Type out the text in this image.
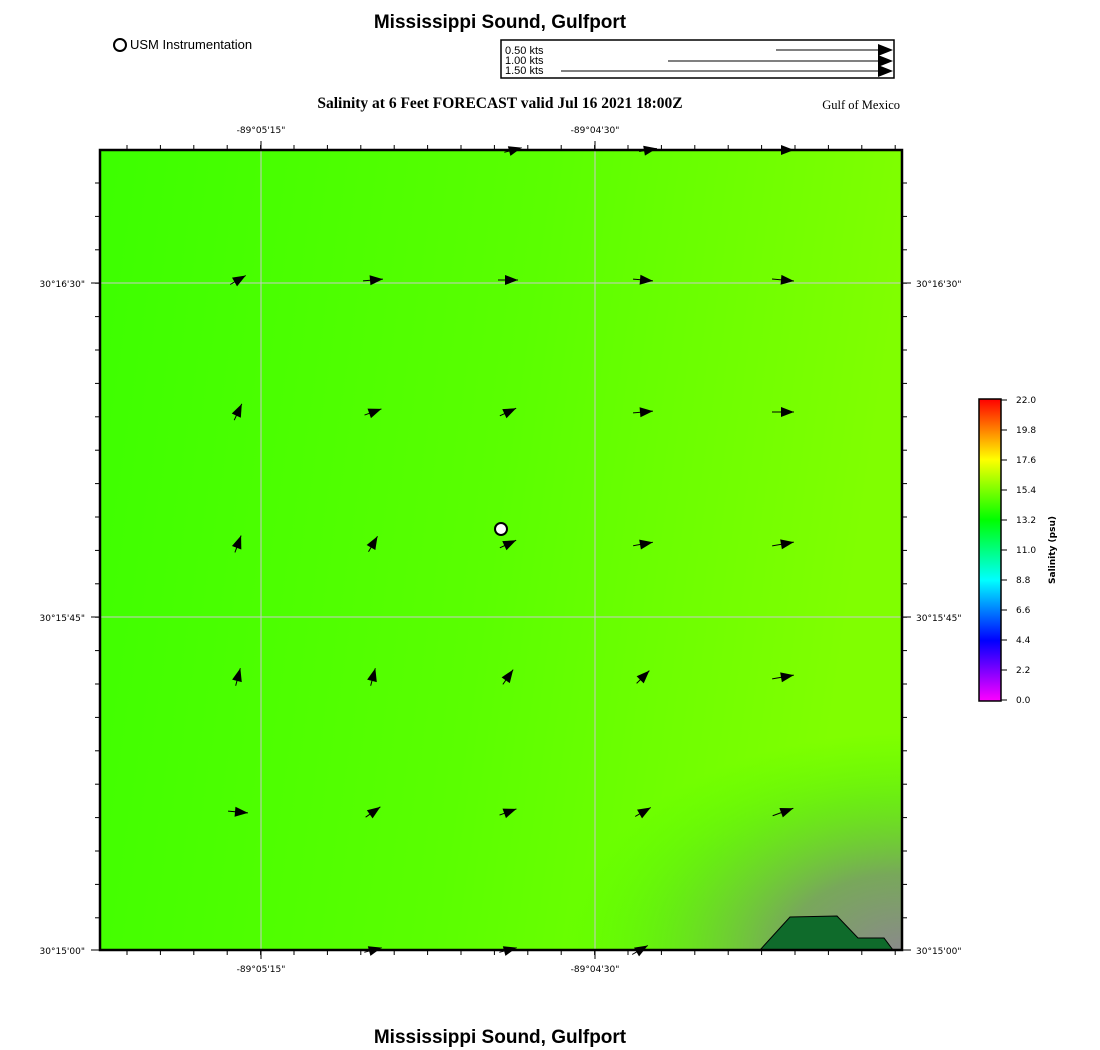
Mississippi Sound, Gulfport
USM Instrumentation
Salinity at 6 Feet FORECAST valid Jul 16 2021 18:00Z	Gulf of Mexico
Mississippi Sound, Gulfport
0.50 kts
1.00 kts
1.50 kts
-89°05'15"	-89°04'30"
-89°05'15"	-89°04'30"
30°16'30"
30°15'45"
30°15'00"
30°16'30"
30°15'45"
30°15'00"
22.0
19.8
17.6
15.4
13.2
11.0
8.8
6.6
4.4
2.2
0.0
Salinity (psu)
